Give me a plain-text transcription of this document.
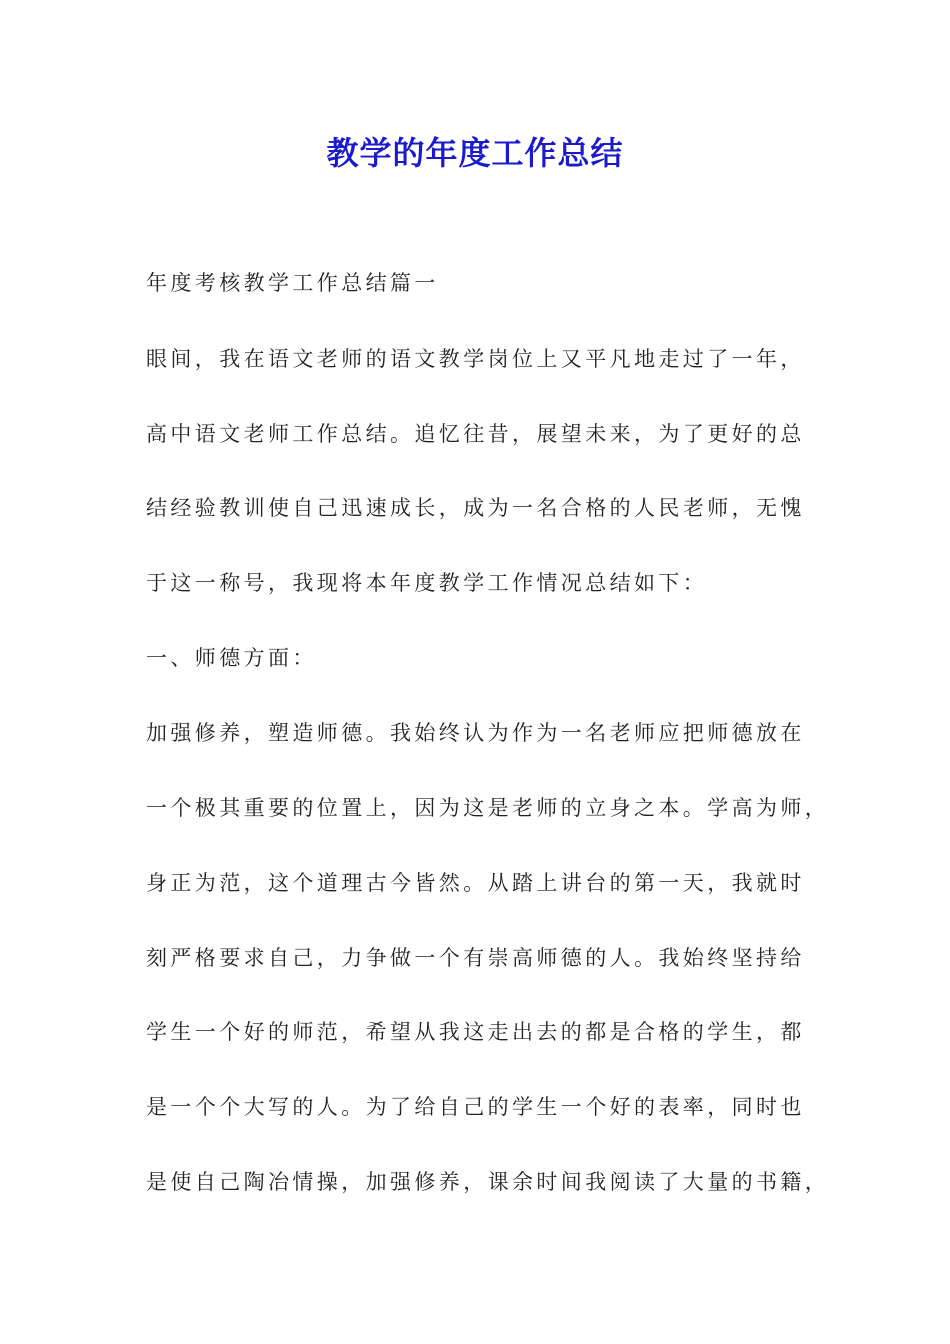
教学的年度工作总结
年度考核教学工作总结篇一
眼间，我在语文老师的语文教学岗位上又平凡地走过了一年，
高中语文老师工作总结。追忆往昔，展望未来，为了更好的总
结经验教训使自己迅速成长，成为一名合格的人民老师，无愧
于这一称号，我现将本年度教学工作情况总结如下：
一、师德方面：
加强修养，塑造师德。我始终认为作为一名老师应把师德放在
一个极其重要的位置上，因为这是老师的立身之本。学高为师，
身正为范，这个道理古今皆然。从踏上讲台的第一天，我就时
刻严格要求自己，力争做一个有崇高师德的人。我始终坚持给
学生一个好的师范，希望从我这走出去的都是合格的学生，都
是一个个大写的人。为了给自己的学生一个好的表率，同时也
是使自己陶冶情操，加强修养，课余时间我阅读了大量的书籍，
